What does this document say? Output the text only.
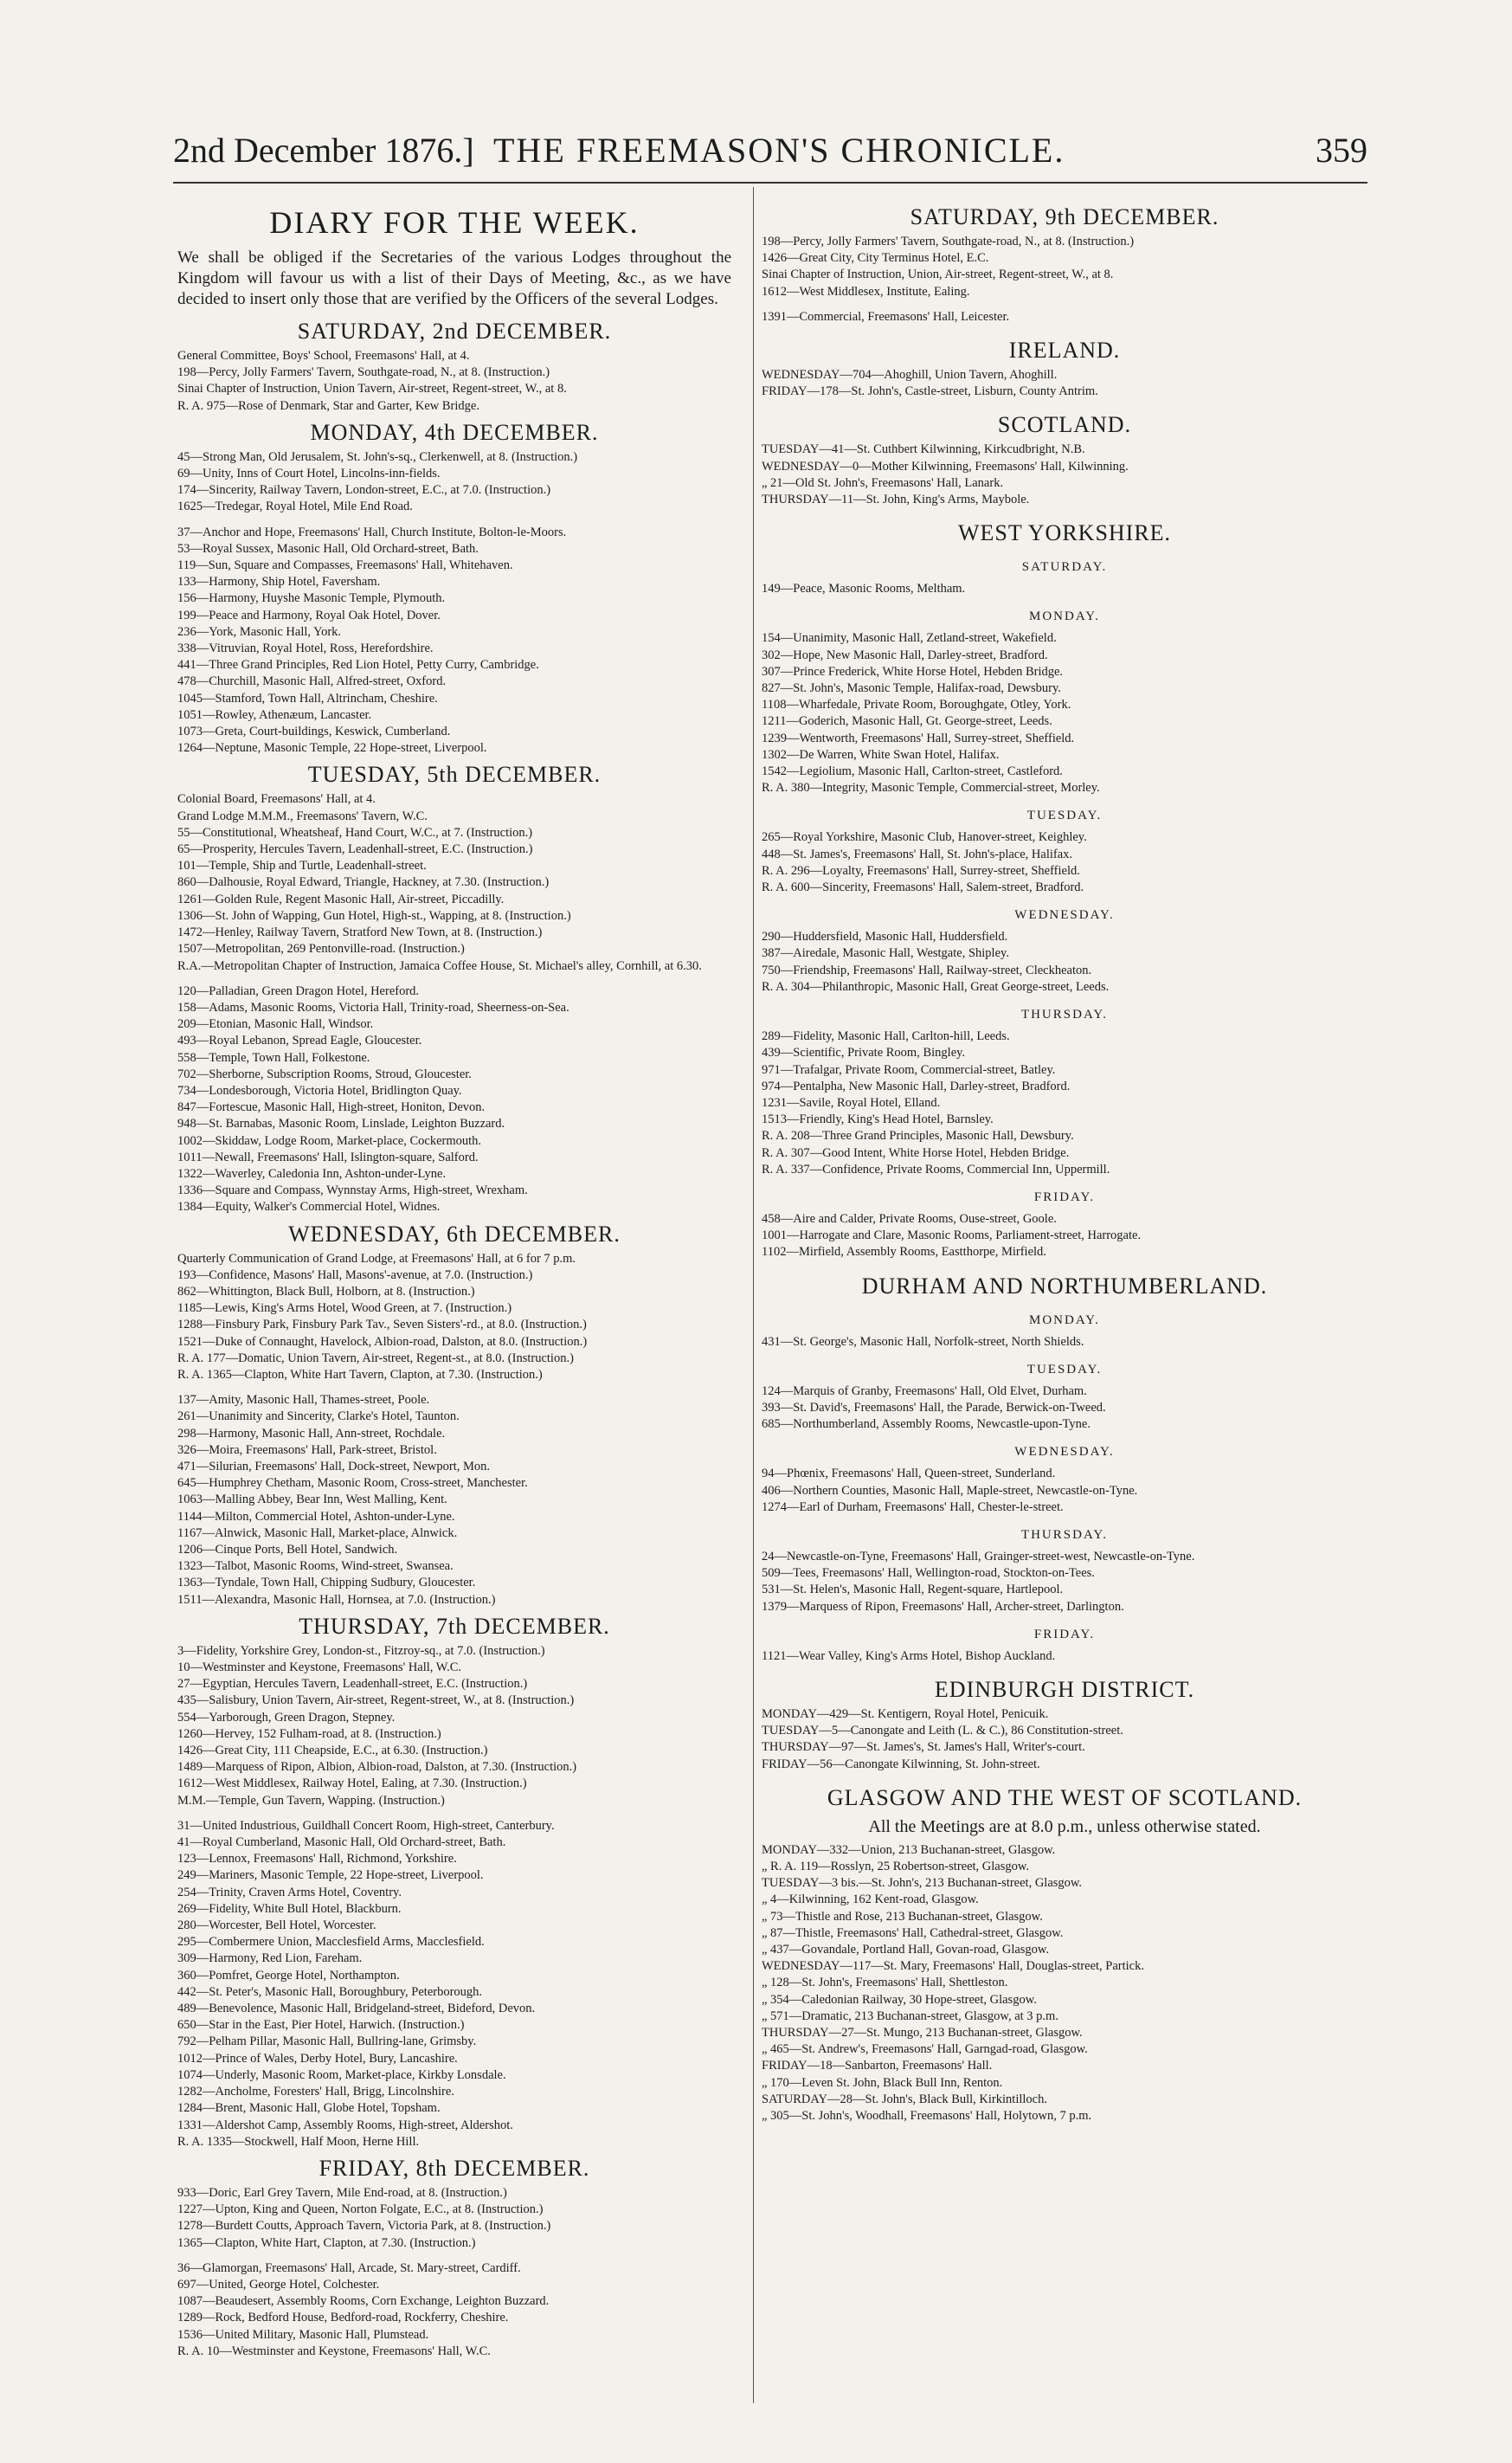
2nd December 1876.] THE FREEMASON'S CHRONICLE.	359
DIARY FOR THE WEEK.
We shall be obliged if the Secretaries of the various Lodges throughout the Kingdom will favour us with a list of their Days of Meeting, &c., as we have decided to insert only those that are verified by the Officers of the several Lodges.
SATURDAY, 2nd DECEMBER.
General Committee, Boys' School, Freemasons' Hall, at 4.
198—Percy, Jolly Farmers' Tavern, Southgate-road, N., at 8. (Instruction.)
Sinai Chapter of Instruction, Union Tavern, Air-street, Regent-street, W., at 8.
R. A. 975—Rose of Denmark, Star and Garter, Kew Bridge.
MONDAY, 4th DECEMBER.
45—Strong Man, Old Jerusalem, St. John's-sq., Clerkenwell, at 8. (Instruction.)
69—Unity, Inns of Court Hotel, Lincolns-inn-fields.
174—Sincerity, Railway Tavern, London-street, E.C., at 7.0. (Instruction.)
1625—Tredegar, Royal Hotel, Mile End Road.
37—Anchor and Hope, Freemasons' Hall, Church Institute, Bolton-le-Moors.
53—Royal Sussex, Masonic Hall, Old Orchard-street, Bath.
119—Sun, Square and Compasses, Freemasons' Hall, Whitehaven.
133—Harmony, Ship Hotel, Faversham.
156—Harmony, Huyshe Masonic Temple, Plymouth.
199—Peace and Harmony, Royal Oak Hotel, Dover.
236—York, Masonic Hall, York.
338—Vitruvian, Royal Hotel, Ross, Herefordshire.
441—Three Grand Principles, Red Lion Hotel, Petty Curry, Cambridge.
478—Churchill, Masonic Hall, Alfred-street, Oxford.
1045—Stamford, Town Hall, Altrincham, Cheshire.
1051—Rowley, Athenæum, Lancaster.
1073—Greta, Court-buildings, Keswick, Cumberland.
1264—Neptune, Masonic Temple, 22 Hope-street, Liverpool.
TUESDAY, 5th DECEMBER.
Colonial Board, Freemasons' Hall, at 4.
Grand Lodge M.M.M., Freemasons' Tavern, W.C.
55—Constitutional, Wheatsheaf, Hand Court, W.C., at 7. (Instruction.)
65—Prosperity, Hercules Tavern, Leadenhall-street, E.C. (Instruction.)
101—Temple, Ship and Turtle, Leadenhall-street.
860—Dalhousie, Royal Edward, Triangle, Hackney, at 7.30. (Instruction.)
1261—Golden Rule, Regent Masonic Hall, Air-street, Piccadilly.
1306—St. John of Wapping, Gun Hotel, High-st., Wapping, at 8. (Instruction.)
1472—Henley, Railway Tavern, Stratford New Town, at 8. (Instruction.)
1507—Metropolitan, 269 Pentonville-road. (Instruction.)
R.A.—Metropolitan Chapter of Instruction, Jamaica Coffee House, St. Michael's alley, Cornhill, at 6.30.
120—Palladian, Green Dragon Hotel, Hereford.
158—Adams, Masonic Rooms, Victoria Hall, Trinity-road, Sheerness-on-Sea.
209—Etonian, Masonic Hall, Windsor.
493—Royal Lebanon, Spread Eagle, Gloucester.
558—Temple, Town Hall, Folkestone.
702—Sherborne, Subscription Rooms, Stroud, Gloucester.
734—Londesborough, Victoria Hotel, Bridlington Quay.
847—Fortescue, Masonic Hall, High-street, Honiton, Devon.
948—St. Barnabas, Masonic Room, Linslade, Leighton Buzzard.
1002—Skiddaw, Lodge Room, Market-place, Cockermouth.
1011—Newall, Freemasons' Hall, Islington-square, Salford.
1322—Waverley, Caledonia Inn, Ashton-under-Lyne.
1336—Square and Compass, Wynnstay Arms, High-street, Wrexham.
1384—Equity, Walker's Commercial Hotel, Widnes.
WEDNESDAY, 6th DECEMBER.
Quarterly Communication of Grand Lodge, at Freemasons' Hall, at 6 for 7 p.m.
193—Confidence, Masons' Hall, Masons'-avenue, at 7.0. (Instruction.)
862—Whittington, Black Bull, Holborn, at 8. (Instruction.)
1185—Lewis, King's Arms Hotel, Wood Green, at 7. (Instruction.)
1288—Finsbury Park, Finsbury Park Tav., Seven Sisters'-rd., at 8.0. (Instruction.)
1521—Duke of Connaught, Havelock, Albion-road, Dalston, at 8.0. (Instruction.)
R. A. 177—Domatic, Union Tavern, Air-street, Regent-st., at 8.0. (Instruction.)
R. A. 1365—Clapton, White Hart Tavern, Clapton, at 7.30. (Instruction.)
137—Amity, Masonic Hall, Thames-street, Poole.
261—Unanimity and Sincerity, Clarke's Hotel, Taunton.
298—Harmony, Masonic Hall, Ann-street, Rochdale.
326—Moira, Freemasons' Hall, Park-street, Bristol.
471—Silurian, Freemasons' Hall, Dock-street, Newport, Mon.
645—Humphrey Chetham, Masonic Room, Cross-street, Manchester.
1063—Malling Abbey, Bear Inn, West Malling, Kent.
1144—Milton, Commercial Hotel, Ashton-under-Lyne.
1167—Alnwick, Masonic Hall, Market-place, Alnwick.
1206—Cinque Ports, Bell Hotel, Sandwich.
1323—Talbot, Masonic Rooms, Wind-street, Swansea.
1363—Tyndale, Town Hall, Chipping Sudbury, Gloucester.
1511—Alexandra, Masonic Hall, Hornsea, at 7.0. (Instruction.)
THURSDAY, 7th DECEMBER.
3—Fidelity, Yorkshire Grey, London-st., Fitzroy-sq., at 7.0. (Instruction.)
10—Westminster and Keystone, Freemasons' Hall, W.C.
27—Egyptian, Hercules Tavern, Leadenhall-street, E.C. (Instruction.)
435—Salisbury, Union Tavern, Air-street, Regent-street, W., at 8. (Instruction.)
554—Yarborough, Green Dragon, Stepney.
1260—Hervey, 152 Fulham-road, at 8. (Instruction.)
1426—Great City, 111 Cheapside, E.C., at 6.30. (Instruction.)
1489—Marquess of Ripon, Albion, Albion-road, Dalston, at 7.30. (Instruction.)
1612—West Middlesex, Railway Hotel, Ealing, at 7.30. (Instruction.)
M.M.—Temple, Gun Tavern, Wapping. (Instruction.)
31—United Industrious, Guildhall Concert Room, High-street, Canterbury.
41—Royal Cumberland, Masonic Hall, Old Orchard-street, Bath.
123—Lennox, Freemasons' Hall, Richmond, Yorkshire.
249—Mariners, Masonic Temple, 22 Hope-street, Liverpool.
254—Trinity, Craven Arms Hotel, Coventry.
269—Fidelity, White Bull Hotel, Blackburn.
280—Worcester, Bell Hotel, Worcester.
295—Combermere Union, Macclesfield Arms, Macclesfield.
309—Harmony, Red Lion, Fareham.
360—Pomfret, George Hotel, Northampton.
442—St. Peter's, Masonic Hall, Boroughbury, Peterborough.
489—Benevolence, Masonic Hall, Bridgeland-street, Bideford, Devon.
650—Star in the East, Pier Hotel, Harwich. (Instruction.)
792—Pelham Pillar, Masonic Hall, Bullring-lane, Grimsby.
1012—Prince of Wales, Derby Hotel, Bury, Lancashire.
1074—Underly, Masonic Room, Market-place, Kirkby Lonsdale.
1282—Ancholme, Foresters' Hall, Brigg, Lincolnshire.
1284—Brent, Masonic Hall, Globe Hotel, Topsham.
1331—Aldershot Camp, Assembly Rooms, High-street, Aldershot.
R. A. 1335—Stockwell, Half Moon, Herne Hill.
FRIDAY, 8th DECEMBER.
933—Doric, Earl Grey Tavern, Mile End-road, at 8. (Instruction.)
1227—Upton, King and Queen, Norton Folgate, E.C., at 8. (Instruction.)
1278—Burdett Coutts, Approach Tavern, Victoria Park, at 8. (Instruction.)
1365—Clapton, White Hart, Clapton, at 7.30. (Instruction.)
36—Glamorgan, Freemasons' Hall, Arcade, St. Mary-street, Cardiff.
697—United, George Hotel, Colchester.
1087—Beaudesert, Assembly Rooms, Corn Exchange, Leighton Buzzard.
1289—Rock, Bedford House, Bedford-road, Rockferry, Cheshire.
1536—United Military, Masonic Hall, Plumstead.
R. A. 10—Westminster and Keystone, Freemasons' Hall, W.C.
SATURDAY, 9th DECEMBER.
198—Percy, Jolly Farmers' Tavern, Southgate-road, N., at 8. (Instruction.)
1426—Great City, City Terminus Hotel, E.C.
Sinai Chapter of Instruction, Union, Air-street, Regent-street, W., at 8.
1612—West Middlesex, Institute, Ealing.
1391—Commercial, Freemasons' Hall, Leicester.
IRELAND.
WEDNESDAY—704—Ahoghill, Union Tavern, Ahoghill.
FRIDAY—178—St. John's, Castle-street, Lisburn, County Antrim.
SCOTLAND.
TUESDAY—41—St. Cuthbert Kilwinning, Kirkcudbright, N.B.
WEDNESDAY—0—Mother Kilwinning, Freemasons' Hall, Kilwinning.
„ 21—Old St. John's, Freemasons' Hall, Lanark.
THURSDAY—11—St. John, King's Arms, Maybole.
WEST YORKSHIRE.
SATURDAY.
149—Peace, Masonic Rooms, Meltham.
MONDAY.
154—Unanimity, Masonic Hall, Zetland-street, Wakefield.
302—Hope, New Masonic Hall, Darley-street, Bradford.
307—Prince Frederick, White Horse Hotel, Hebden Bridge.
827—St. John's, Masonic Temple, Halifax-road, Dewsbury.
1108—Wharfedale, Private Room, Boroughgate, Otley, York.
1211—Goderich, Masonic Hall, Gt. George-street, Leeds.
1239—Wentworth, Freemasons' Hall, Surrey-street, Sheffield.
1302—De Warren, White Swan Hotel, Halifax.
1542—Legiolium, Masonic Hall, Carlton-street, Castleford.
R. A. 380—Integrity, Masonic Temple, Commercial-street, Morley.
TUESDAY.
265—Royal Yorkshire, Masonic Club, Hanover-street, Keighley.
448—St. James's, Freemasons' Hall, St. John's-place, Halifax.
R. A. 296—Loyalty, Freemasons' Hall, Surrey-street, Sheffield.
R. A. 600—Sincerity, Freemasons' Hall, Salem-street, Bradford.
WEDNESDAY.
290—Huddersfield, Masonic Hall, Huddersfield.
387—Airedale, Masonic Hall, Westgate, Shipley.
750—Friendship, Freemasons' Hall, Railway-street, Cleckheaton.
R. A. 304—Philanthropic, Masonic Hall, Great George-street, Leeds.
THURSDAY.
289—Fidelity, Masonic Hall, Carlton-hill, Leeds.
439—Scientific, Private Room, Bingley.
971—Trafalgar, Private Room, Commercial-street, Batley.
974—Pentalpha, New Masonic Hall, Darley-street, Bradford.
1231—Savile, Royal Hotel, Elland.
1513—Friendly, King's Head Hotel, Barnsley.
R. A. 208—Three Grand Principles, Masonic Hall, Dewsbury.
R. A. 307—Good Intent, White Horse Hotel, Hebden Bridge.
R. A. 337—Confidence, Private Rooms, Commercial Inn, Uppermill.
FRIDAY.
458—Aire and Calder, Private Rooms, Ouse-street, Goole.
1001—Harrogate and Clare, Masonic Rooms, Parliament-street, Harrogate.
1102—Mirfield, Assembly Rooms, Eastthorpe, Mirfield.
DURHAM AND NORTHUMBERLAND.
MONDAY.
431—St. George's, Masonic Hall, Norfolk-street, North Shields.
TUESDAY.
124—Marquis of Granby, Freemasons' Hall, Old Elvet, Durham.
393—St. David's, Freemasons' Hall, the Parade, Berwick-on-Tweed.
685—Northumberland, Assembly Rooms, Newcastle-upon-Tyne.
WEDNESDAY.
94—Phœnix, Freemasons' Hall, Queen-street, Sunderland.
406—Northern Counties, Masonic Hall, Maple-street, Newcastle-on-Tyne.
1274—Earl of Durham, Freemasons' Hall, Chester-le-street.
THURSDAY.
24—Newcastle-on-Tyne, Freemasons' Hall, Grainger-street-west, Newcastle-on-Tyne.
509—Tees, Freemasons' Hall, Wellington-road, Stockton-on-Tees.
531—St. Helen's, Masonic Hall, Regent-square, Hartlepool.
1379—Marquess of Ripon, Freemasons' Hall, Archer-street, Darlington.
FRIDAY.
1121—Wear Valley, King's Arms Hotel, Bishop Auckland.
EDINBURGH DISTRICT.
MONDAY—429—St. Kentigern, Royal Hotel, Penicuik.
TUESDAY—5—Canongate and Leith (L. & C.), 86 Constitution-street.
THURSDAY—97—St. James's, St. James's Hall, Writer's-court.
FRIDAY—56—Canongate Kilwinning, St. John-street.
GLASGOW AND THE WEST OF SCOTLAND.
All the Meetings are at 8.0 p.m., unless otherwise stated.
MONDAY—332—Union, 213 Buchanan-street, Glasgow.
„ R. A. 119—Rosslyn, 25 Robertson-street, Glasgow.
TUESDAY—3 bis.—St. John's, 213 Buchanan-street, Glasgow.
„ 4—Kilwinning, 162 Kent-road, Glasgow.
„ 73—Thistle and Rose, 213 Buchanan-street, Glasgow.
„ 87—Thistle, Freemasons' Hall, Cathedral-street, Glasgow.
„ 437—Govandale, Portland Hall, Govan-road, Glasgow.
WEDNESDAY—117—St. Mary, Freemasons' Hall, Douglas-street, Partick.
„ 128—St. John's, Freemasons' Hall, Shettleston.
„ 354—Caledonian Railway, 30 Hope-street, Glasgow.
„ 571—Dramatic, 213 Buchanan-street, Glasgow, at 3 p.m.
THURSDAY—27—St. Mungo, 213 Buchanan-street, Glasgow.
„ 465—St. Andrew's, Freemasons' Hall, Garngad-road, Glasgow.
FRIDAY—18—Sanbarton, Freemasons' Hall.
„ 170—Leven St. John, Black Bull Inn, Renton.
SATURDAY—28—St. John's, Black Bull, Kirkintilloch.
„ 305—St. John's, Woodhall, Freemasons' Hall, Holytown, 7 p.m.
